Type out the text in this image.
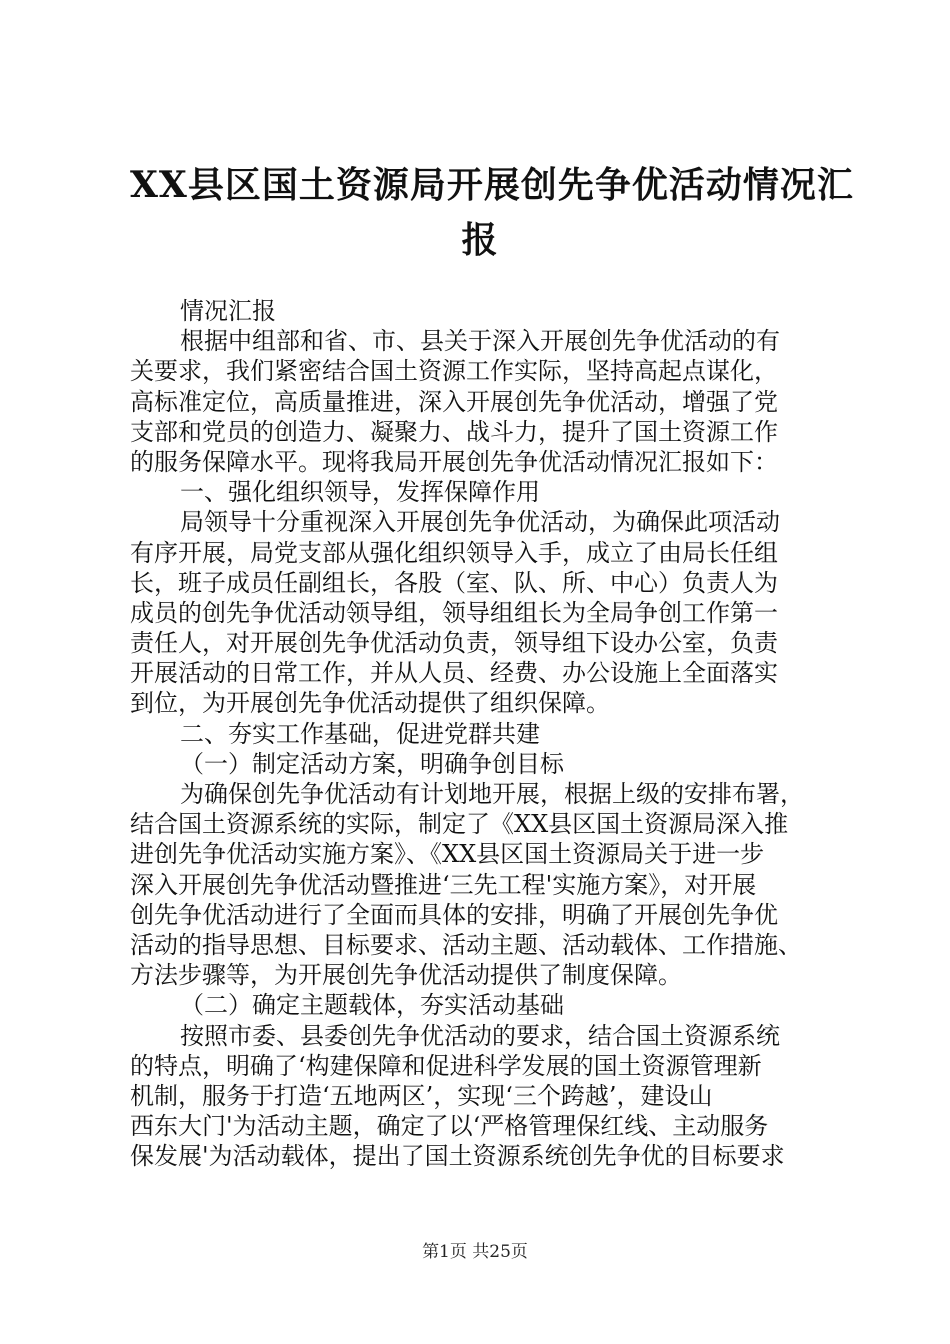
XX县区国土资源局开展创先争优活动情况汇
报
情况汇报
根据中组部和省、市、县关于深入开展创先争优活动的有
关要求，我们紧密结合国土资源工作实际，坚持高起点谋化，
高标准定位，高质量推进，深入开展创先争优活动，增强了党
支部和党员的创造力、凝聚力、战斗力，提升了国土资源工作
的服务保障水平。现将我局开展创先争优活动情况汇报如下：
一、强化组织领导，发挥保障作用
局领导十分重视深入开展创先争优活动，为确保此项活动
有序开展，局党支部从强化组织领导入手，成立了由局长任组
长，班子成员任副组长，各股（室、队、所、中心）负责人为
成员的创先争优活动领导组，领导组组长为全局争创工作第一
责任人，对开展创先争优活动负责，领导组下设办公室，负责
开展活动的日常工作，并从人员、经费、办公设施上全面落实
到位，为开展创先争优活动提供了组织保障。
二、夯实工作基础，促进党群共建
（一）制定活动方案，明确争创目标
为确保创先争优活动有计划地开展，根据上级的安排布署，
结合国土资源系统的实际，制定了《XX县区国土资源局深入推
进创先争优活动实施方案》、《XX县区国土资源局关于进一步
深入开展创先争优活动暨推进‘三先工程'实施方案》，对开展
创先争优活动进行了全面而具体的安排，明确了开展创先争优
活动的指导思想、目标要求、活动主题、活动载体、工作措施、
方法步骤等，为开展创先争优活动提供了制度保障。
（二）确定主题载体，夯实活动基础
按照市委、县委创先争优活动的要求，结合国土资源系统
的特点，明确了‘构建保障和促进科学发展的国土资源管理新
机制，服务于打造‘五地两区’，实现‘三个跨越’，建设山
西东大门'为活动主题，确定了以‘严格管理保红线、主动服务
保发展'为活动载体，提出了国土资源系统创先争优的目标要求
第1页 共25页
